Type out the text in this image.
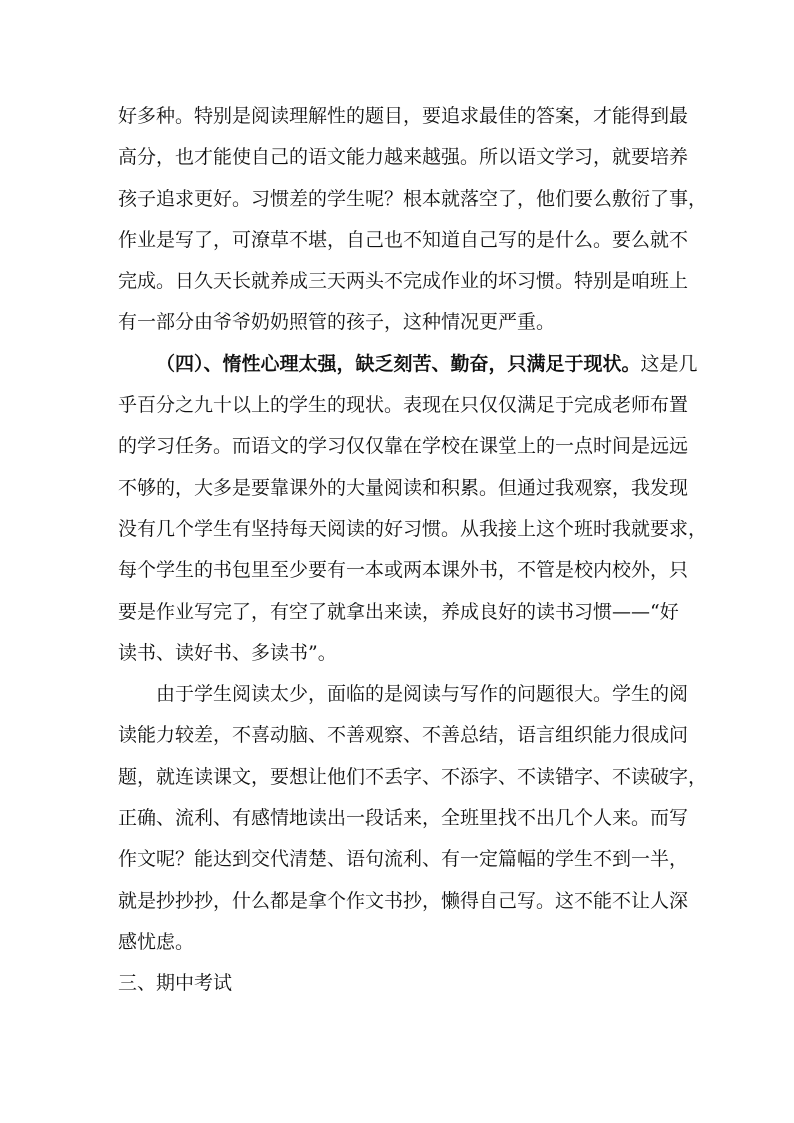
好多种。特别是阅读理解性的题目，要追求最佳的答案，才能得到最
高分，也才能使自己的语文能力越来越强。所以语文学习，就要培养
孩子追求更好。习惯差的学生呢？根本就落空了，他们要么敷衍了事，
作业是写了，可潦草不堪，自己也不知道自己写的是什么。要么就不
完成。日久天长就养成三天两头不完成作业的坏习惯。特别是咱班上
有一部分由爷爷奶奶照管的孩子，这种情况更严重。
（四）、惰性心理太强，缺乏刻苦、勤奋，只满足于现状。这是几
乎百分之九十以上的学生的现状。表现在只仅仅满足于完成老师布置
的学习任务。而语文的学习仅仅靠在学校在课堂上的一点时间是远远
不够的，大多是要靠课外的大量阅读和积累。但通过我观察，我发现
没有几个学生有坚持每天阅读的好习惯。从我接上这个班时我就要求，
每个学生的书包里至少要有一本或两本课外书，不管是校内校外，只
要是作业写完了，有空了就拿出来读，养成良好的读书习惯——“好
读书、读好书、多读书”。
由于学生阅读太少，面临的是阅读与写作的问题很大。学生的阅
读能力较差，不喜动脑、不善观察、不善总结，语言组织能力很成问
题，就连读课文，要想让他们不丢字、不添字、不读错字、不读破字，
正确、流利、有感情地读出一段话来，全班里找不出几个人来。而写
作文呢？能达到交代清楚、语句流利、有一定篇幅的学生不到一半，
就是抄抄抄，什么都是拿个作文书抄，懒得自己写。这不能不让人深
感忧虑。
三、期中考试
